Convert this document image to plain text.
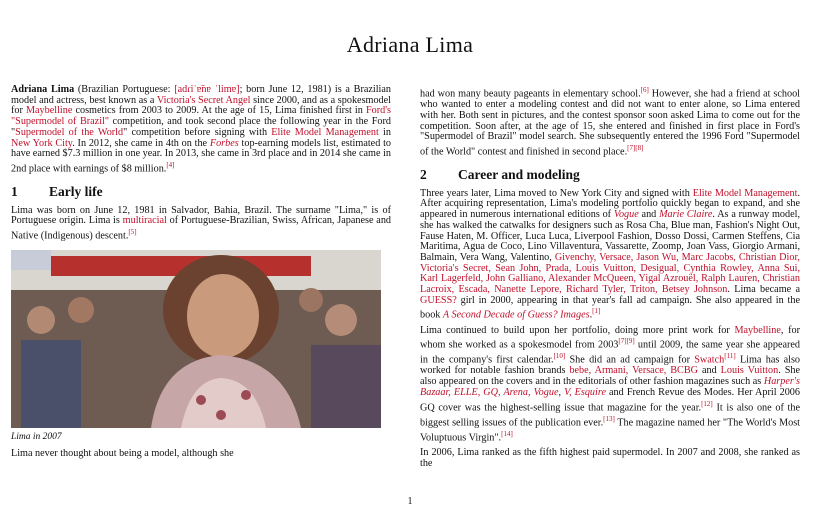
Adriana Lima

Adriana Lima (Brazilian Portuguese: [adɾiˈɐ̃nɐ ˈlimɐ]; born June 12, 1981) is a Brazilian model and actress, best known as a Victoria's Secret Angel since 2000, and as a spokesmodel for Maybelline cosmetics from 2003 to 2009. At the age of 15, Lima finished first in Ford's "Supermodel of Brazil" competition, and took second place the following year in the Ford "Supermodel of the World" competition before signing with Elite Model Management in New York City. In 2012, she came in 4th on the Forbes top-earning models list, estimated to have earned $7.3 million in one year. In 2013, she came in 3rd place and in 2014 she came in 2nd place with earnings of $8 million.[4]

1 Early life

Lima was born on June 12, 1981 in Salvador, Bahia, Brazil. The surname "Lima," is of Portuguese origin. Lima is multiracial of Portuguese-Brazilian, Swiss, African, Japanese and Native (Indigenous) descent.[5]

Lima in 2007

Lima never thought about being a model, although she

had won many beauty pageants in elementary school.[6] However, she had a friend at school who wanted to enter a modeling contest and did not want to enter alone, so Lima entered with her. Both sent in pictures, and the contest sponsor soon asked Lima to come out for the competition. Soon after, at the age of 15, she entered and finished in first place in Ford's "Supermodel of Brazil" model search. She subsequently entered the 1996 Ford "Supermodel of the World" contest and finished in second place.[7][8]

2 Career and modeling

Three years later, Lima moved to New York City and signed with Elite Model Management. After acquiring representation, Lima's modeling portfolio quickly began to expand, and she appeared in numerous international editions of Vogue and Marie Claire. As a runway model, she has walked the catwalks for designers such as Rosa Cha, Blue man, Fashion's Night Out, Fause Haten, M. Officer, Luca Luca, Liverpool Fashion, Dosso Dossi, Carmen Steffens, Cia Maritima, Agua de Coco, Lino Villaventura, Vassarette, Zoomp, Joan Vass, Giorgio Armani, Balmain, Vera Wang, Valentino, Givenchy, Versace, Jason Wu, Marc Jacobs, Christian Dior, Victoria's Secret, Sean John, Prada, Louis Vuitton, Desigual, Cynthia Rowley, Anna Sui, Karl Lagerfeld, John Galliano, Alexander McQueen, Yigal Azrouël, Ralph Lauren, Christian Lacroix, Escada, Nanette Lepore, Richard Tyler, Triton, Betsey Johnson. Lima became a GUESS? girl in 2000, appearing in that year's fall ad campaign. She also appeared in the book A Second Decade of Guess? Images.[1]

Lima continued to build upon her portfolio, doing more print work for Maybelline, for whom she worked as a spokesmodel from 2003[7][9] until 2009, the same year she appeared in the company's first calendar.[10] She did an ad campaign for Swatch[11] Lima has also worked for notable fashion brands bebe, Armani, Versace, BCBG and Louis Vuitton. She also appeared on the covers and in the editorials of other fashion magazines such as Harper's Bazaar, ELLE, GQ, Arena, Vogue, V, Esquire and French Revue des Modes. Her April 2006 GQ cover was the highest-selling issue that magazine for the year.[12] It is also one of the biggest selling issues of the publication ever.[13] The magazine named her "The World's Most Voluptuous Virgin".[14]

In 2006, Lima ranked as the fifth highest paid supermodel. In 2007 and 2008, she ranked as the

1
